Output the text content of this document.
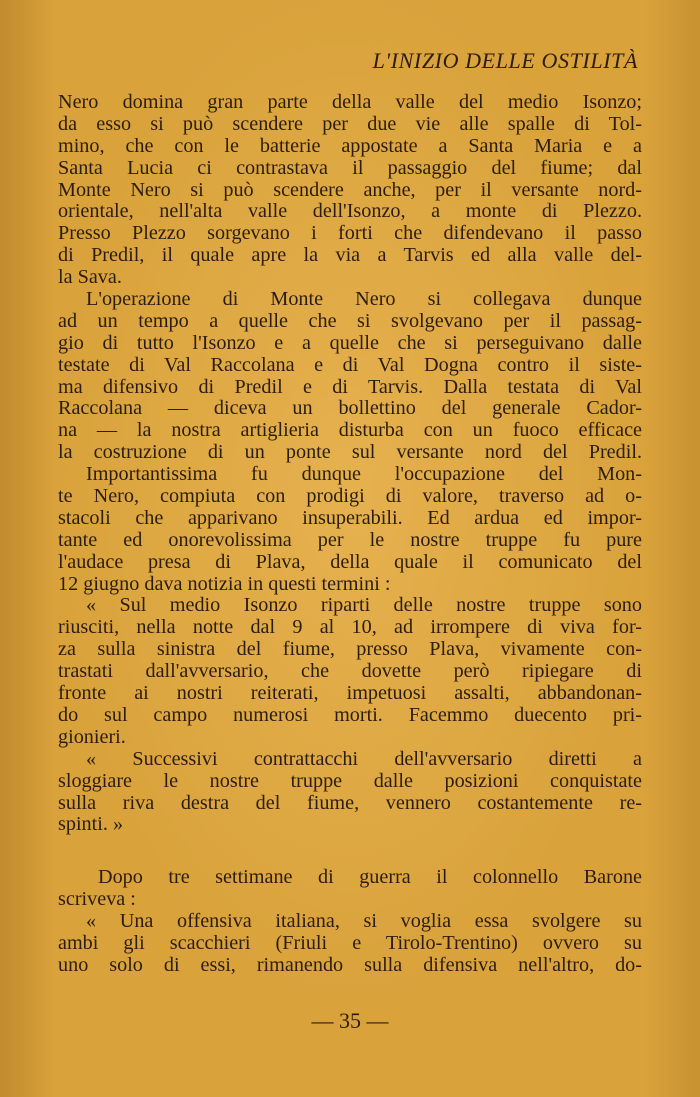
L'INIZIO DELLE OSTILITÀ
Nero domina gran parte della valle del medio Isonzo;
da esso si può scendere per due vie alle spalle di Tol-
mino, che con le batterie appostate a Santa Maria e a
Santa Lucia ci contrastava il passaggio del fiume; dal
Monte Nero si può scendere anche, per il versante nord-
orientale, nell'alta valle dell'Isonzo, a monte di Plezzo.
Presso Plezzo sorgevano i forti che difendevano il passo
di Predil, il quale apre la via a Tarvis ed alla valle del-
la Sava.
L'operazione di Monte Nero si collegava dunque
ad un tempo a quelle che si svolgevano per il passag-
gio di tutto l'Isonzo e a quelle che si perseguivano dalle
testate di Val Raccolana e di Val Dogna contro il siste-
ma difensivo di Predil e di Tarvis. Dalla testata di Val
Raccolana — diceva un bollettino del generale Cador-
na — la nostra artiglieria disturba con un fuoco efficace
la costruzione di un ponte sul versante nord del Predil.
Importantissima fu dunque l'occupazione del Mon-
te Nero, compiuta con prodigi di valore, traverso ad o-
stacoli che apparivano insuperabili. Ed ardua ed impor-
tante ed onorevolissima per le nostre truppe fu pure
l'audace presa di Plava, della quale il comunicato del
12 giugno dava notizia in questi termini :
« Sul medio Isonzo riparti delle nostre truppe sono
riusciti, nella notte dal 9 al 10, ad irrompere di viva for-
za sulla sinistra del fiume, presso Plava, vivamente con-
trastati dall'avversario, che dovette però ripiegare di
fronte ai nostri reiterati, impetuosi assalti, abbandonan-
do sul campo numerosi morti. Facemmo duecento pri-
gionieri.
« Successivi contrattacchi dell'avversario diretti a
sloggiare le nostre truppe dalle posizioni conquistate
sulla riva destra del fiume, vennero costantemente re-
spinti. »
Dopo tre settimane di guerra il colonnello Barone
scriveva :
« Una offensiva italiana, si voglia essa svolgere su
ambi gli scacchieri (Friuli e Tirolo-Trentino) ovvero su
uno solo di essi, rimanendo sulla difensiva nell'altro, do-
— 35 —
